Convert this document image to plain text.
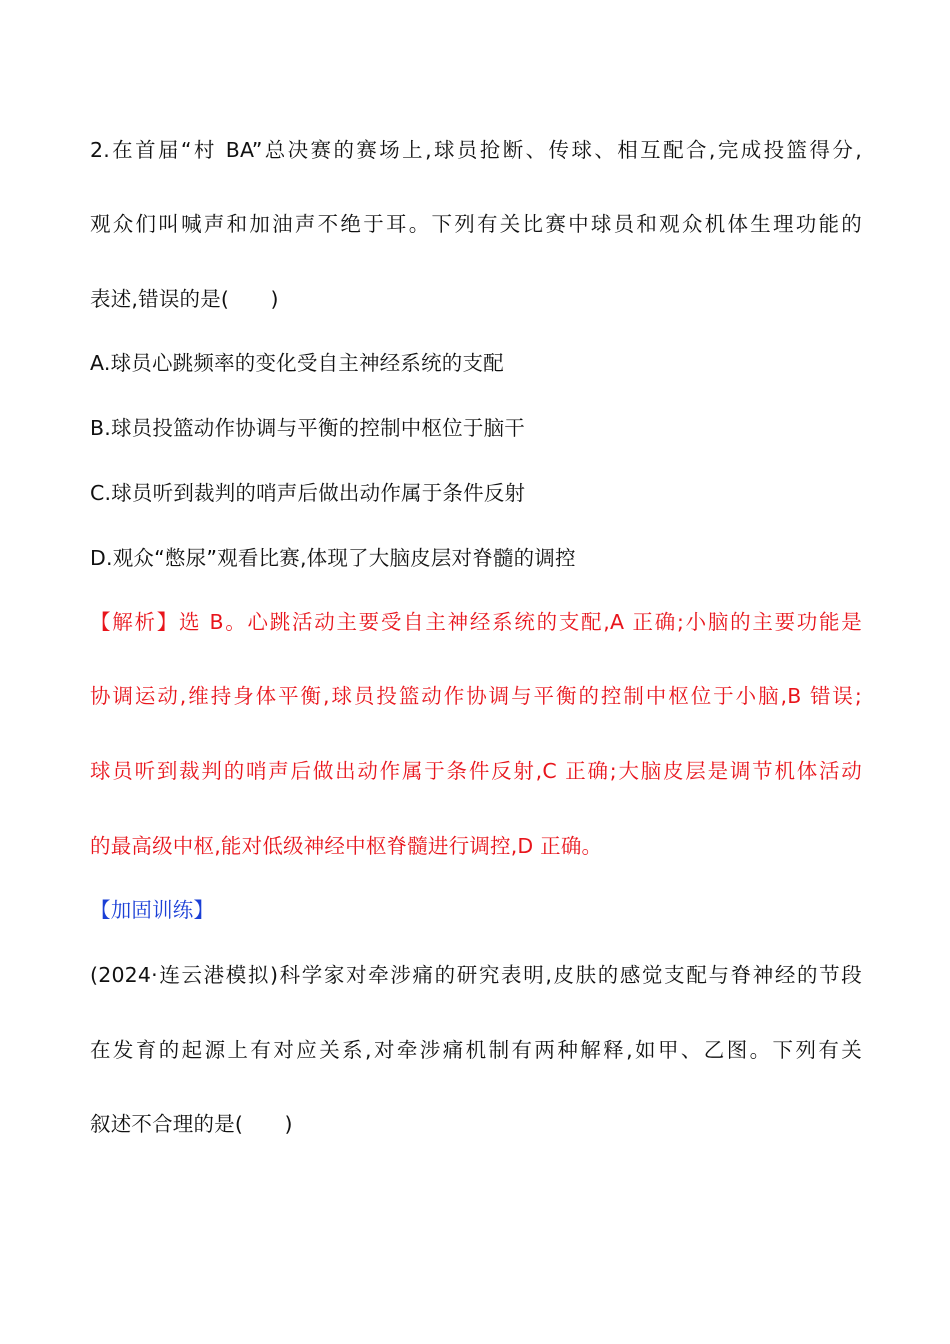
2.在首届“村 BA”总决赛的赛场上,球员抢断、传球、相互配合,完成投篮得分,
观众们叫喊声和加油声不绝于耳。下列有关比赛中球员和观众机体生理功能的
表述,错误的是(　　)
A.球员心跳频率的变化受自主神经系统的支配
B.球员投篮动作协调与平衡的控制中枢位于脑干
C.球员听到裁判的哨声后做出动作属于条件反射
D.观众“憋尿”观看比赛,体现了大脑皮层对脊髓的调控
【解析】选 B。心跳活动主要受自主神经系统的支配,A 正确;小脑的主要功能是
协调运动,维持身体平衡,球员投篮动作协调与平衡的控制中枢位于小脑,B 错误;
球员听到裁判的哨声后做出动作属于条件反射,C 正确;大脑皮层是调节机体活动
的最高级中枢,能对低级神经中枢脊髓进行调控,D 正确。
【加固训练】
(2024·连云港模拟)科学家对牵涉痛的研究表明,皮肤的感觉支配与脊神经的节段
在发育的起源上有对应关系,对牵涉痛机制有两种解释,如甲、乙图。下列有关
叙述不合理的是(　　)
